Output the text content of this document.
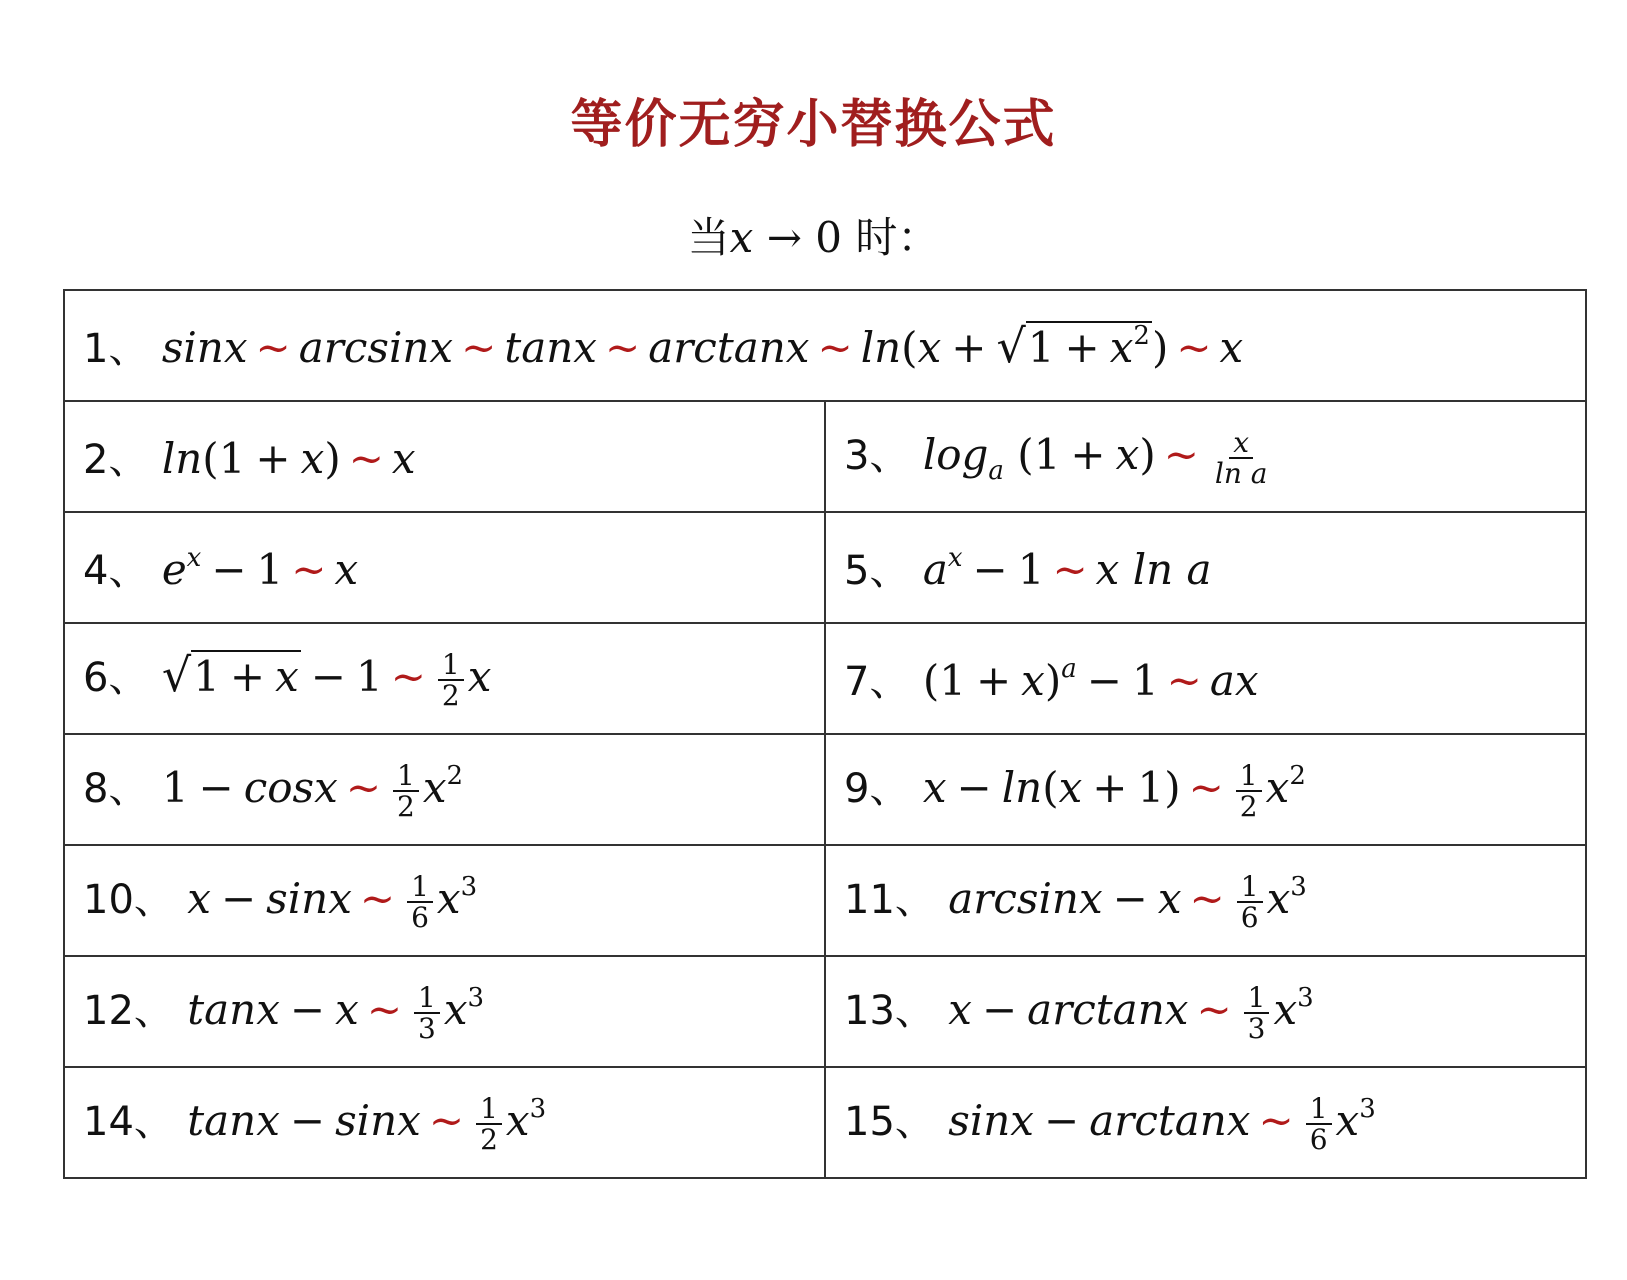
等价无穷小替换公式
当x → 0 时：
1、 sinx ~ arcsinx ~ tanx ~ arctanx ~ $\ln(x + √1 + x^2)$ ~ x	
2、 ln(1 + x) ~ x	3、 $\log_a (1 + x)$ ~ $\frac{x}{\text{ln a}}$

4、 $e^x - 1$ ~ x	5、 $a^x - 1$ ~ x ln a
6、 √1 + x − 1 ~ $\frac{1}{2}$ x	7、 $(1 + x)^a - 1$ ~ ax
8、 1 − cosx ~ $\frac{1}{2} x^2$	9、 x − ln(x + 1) ~ $\frac{1}{2} x^2$
10、 x − sinx ~ $\frac{1}{6} x^3$	11、 arcsinx − x ~ $\frac{1}{6} x^3$
12、 tanx − x ~ $\frac{1}{3} x^3$	13、 x − arctanx ~ $\frac{1}{3} x^3$
14、 tanx − sinx ~ $\frac{1}{2} x^3$	15、 sinx − arctanx ~ $\frac{1}{6} x^3$
